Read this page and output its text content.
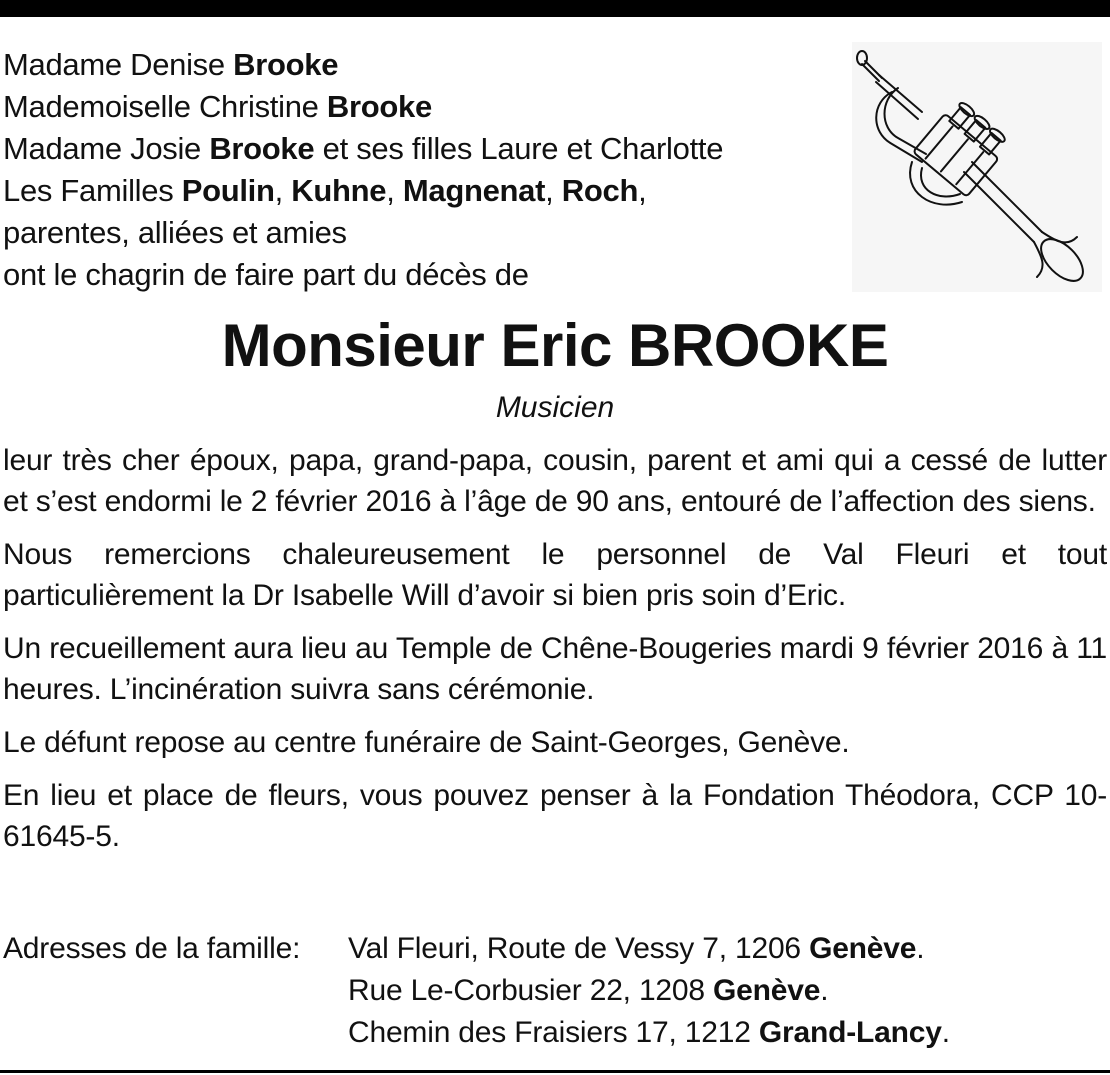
Madame Denise Brooke
Mademoiselle Christine Brooke
Madame Josie Brooke et ses filles Laure et Charlotte
Les Familles Poulin, Kuhne, Magnenat, Roch,
parentes, alliées et amies
ont le chagrin de faire part du décès de
Monsieur Eric BROOKE
Musicien

leur très cher époux, papa, grand-papa, cousin, parent et ami qui a cessé de lutter et s’est endormi le 2 février 2016 à l’âge de 90 ans, entouré de l’affection des siens.

Nous remercions chaleureusement le personnel de Val Fleuri et tout particulièrement la Dr Isabelle Will d’avoir si bien pris soin d’Eric.

Un recueillement aura lieu au Temple de Chêne-Bougeries mardi 9 février 2016 à 11 heures. L’incinération suivra sans cérémonie.

Le défunt repose au centre funéraire de Saint-Georges, Genève.

En lieu et place de fleurs, vous pouvez penser à la Fondation Théodora, CCP 10-61645-5.

Adresses de la famille:	Val Fleuri, Route de Vessy 7, 1206 Genève.
Rue Le-Corbusier 22, 1208 Genève.
Chemin des Fraisiers 17, 1212 Grand-Lancy.
